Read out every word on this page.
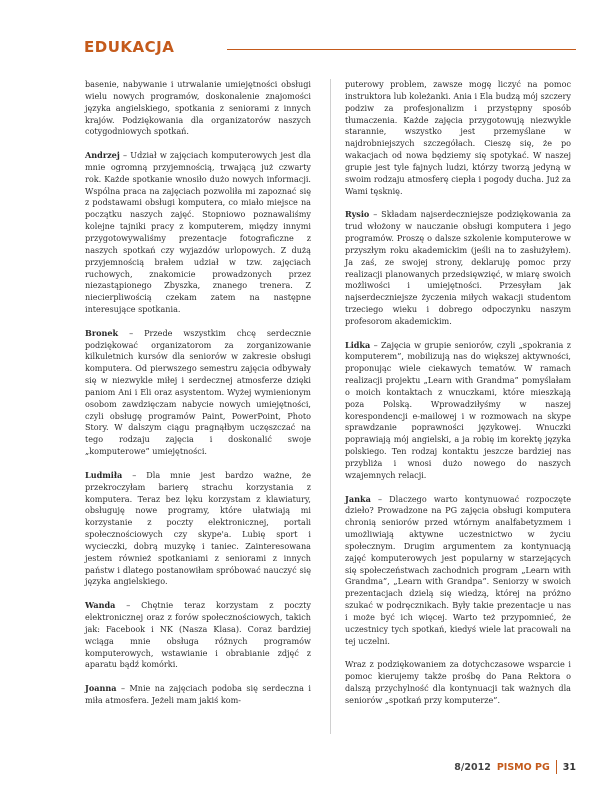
EDUKACJA

basenie, nabywanie i utrwalanie umiejętności obsługi wielu nowych programów, doskonalenie znajomości języka angielskiego, spotkania z seniorami z innych krajów. Podziękowania dla organizatorów naszych cotygodniowych spotkań.

Andrzej – Udział w zajęciach komputerowych jest dla mnie ogromną przyjemnością, trwającą już czwarty rok. Każde spotkanie wnosiło dużo nowych informacji. Wspólna praca na zajęciach pozwoliła mi zapoznać się z podstawami obsługi komputera, co miało miejsce na początku naszych zajęć. Stopniowo poznawaliśmy kolejne tajniki pracy z komputerem, między innymi przygotowywaliśmy prezentacje fotograficzne z naszych spotkań czy wyjazdów urlopowych. Z dużą przyjemnością brałem udział w tzw. zajęciach ruchowych, znakomicie prowadzonych przez niezastąpionego Zbyszka, znanego trenera. Z niecierpliwością czekam zatem na następne interesujące spotkania.

Bronek – Przede wszystkim chcę serdecznie podziękować organizatorom za zorganizowanie kilkuletnich kursów dla seniorów w zakresie obsługi komputera. Od pierwszego semestru zajęcia odbywały się w niezwykle miłej i serdecznej atmosferze dzięki paniom Ani i Eli oraz asystentom. Wyżej wymienionym osobom zawdzięczam nabycie nowych umiejętności, czyli obsługę programów Paint, PowerPoint, Photo Story. W dalszym ciągu pragnąłbym uczęszczać na tego rodzaju zajęcia i doskonalić swoje „komputerowe” umiejętności.

Ludmiła – Dla mnie jest bardzo ważne, że przekroczyłam barierę strachu korzystania z komputera. Teraz bez lęku korzystam z klawiatury, obsługuję nowe programy, które ułatwiają mi korzystanie z poczty elektronicznej, portali społecznościowych czy skype'a. Lubię sport i wycieczki, dobrą muzykę i taniec. Zainteresowana jestem również spotkaniami z seniorami z innych państw i dlatego postanowiłam spróbować nauczyć się języka angielskiego.

Wanda – Chętnie teraz korzystam z poczty elektronicznej oraz z forów społecznościowych, takich jak: Facebook i NK (Nasza Klasa). Coraz bardziej wciąga mnie obsługa różnych programów komputerowych, wstawianie i obrabianie zdjęć z aparatu bądź komórki.

Joanna – Mnie na zajęciach podoba się serdeczna i miła atmosfera. Jeżeli mam jakiś kom-

puterowy problem, zawsze mogę liczyć na pomoc instruktora lub koleżanki. Ania i Ela budzą mój szczery podziw za profesjonalizm i przystępny sposób tłumaczenia. Każde zajęcia przygotowują niezwykle starannie, wszystko jest przemyślane w najdrobniejszych szczegółach. Cieszę się, że po wakacjach od nowa będziemy się spotykać. W naszej grupie jest tyle fajnych ludzi, którzy tworzą jedyną w swoim rodzaju atmosferę ciepła i pogody ducha. Już za Wami tęsknię.

Rysio – Składam najserdeczniejsze podziękowania za trud włożony w nauczanie obsługi komputera i jego programów. Proszę o dalsze szkolenie komputerowe w przyszłym roku akademickim (jeśli na to zasłużyłem). Ja zaś, ze swojej strony, deklaruję pomoc przy realizacji planowanych przedsięwzięć, w miarę swoich możliwości i umiejętności. Przesyłam jak najserdeczniejsze życzenia miłych wakacji studentom trzeciego wieku i dobrego odpoczynku naszym profesorom akademickim.

Lidka – Zajęcia w grupie seniorów, czyli „spokrania z komputerem”, mobilizują nas do większej aktywności, proponując wiele ciekawych tematów. W ramach realizacji projektu „Learn with Grandma” pomyślałam o moich kontaktach z wnuczkami, które mieszkają poza Polską. Wprowadziłyśmy w naszej korespondencji e-mailowej i w rozmowach na skype sprawdzanie poprawności językowej. Wnuczki poprawiają mój angielski, a ja robię im korektę języka polskiego. Ten rodzaj kontaktu jeszcze bardziej nas przybliża i wnosi dużo nowego do naszych wzajemnych relacji.

Janka – Dlaczego warto kontynuować rozpoczęte dzieło? Prowadzone na PG zajęcia obsługi komputera chronią seniorów przed wtórnym analfabetyzmem i umożliwiają aktywne uczestnictwo w życiu społecznym. Drugim argumentem za kontynuacją zajęć komputerowych jest popularny w starzejących się społeczeństwach zachodnich program „Learn with Grandma”, „Learn with Grandpa”. Seniorzy w swoich prezentacjach dzielą się wiedzą, której na próżno szukać w podręcznikach. Były takie prezentacje u nas i może być ich więcej. Warto też przypomnieć, że uczestnicy tych spotkań, kiedyś wiele lat pracowali na tej uczelni.

Wraz z podziękowaniem za dotychczasowe wsparcie i pomoc kierujemy także prośbę do Pana Rektora o dalszą przychylność dla kontynuacji tak ważnych dla seniorów „spotkań przy komputerze”.

8/2012 PISMO PG 31
